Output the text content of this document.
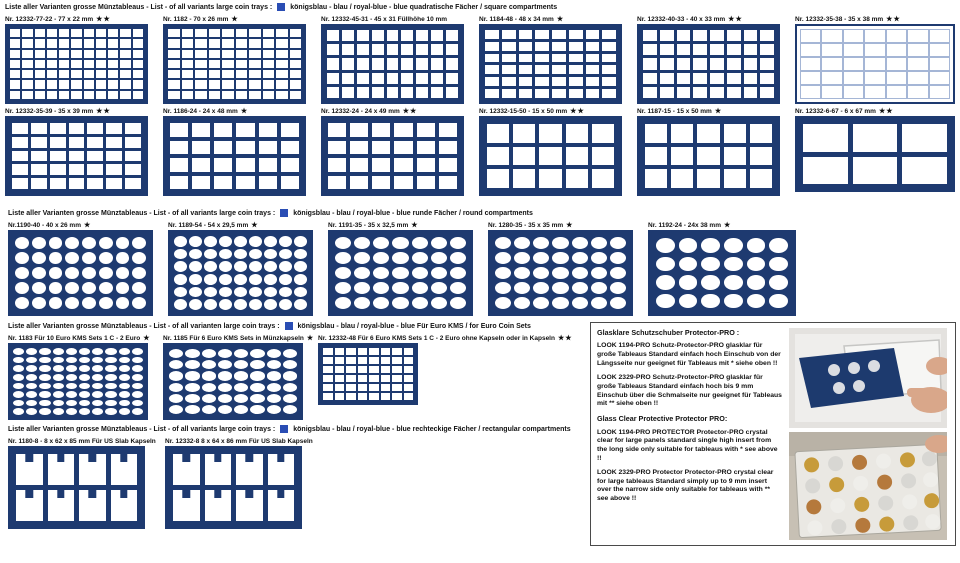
Liste aller Varianten grosse Münztableaus - List - of all variants large coin trays :	königsblau - blau / royal-blue - blue quadratische Fächer / square compartments
Nr. 12332-77-22 - 77 x 22 mm ★★	Nr. 1182 - 70 x 26 mm ★	Nr. 12332-45-31 - 45 x 31 Füllhöhe 10 mm	Nr. 1184-48 - 48 x 34 mm ★	Nr. 12332-40-33 - 40 x 33 mm ★★	Nr. 12332-35-38 - 35 x 38 mm ★★
Nr. 12332-35-39 - 35 x 39 mm ★★	Nr. 1186-24 - 24 x 48 mm ★	Nr. 12332-24 - 24 x 49 mm ★★	Nr. 12332-15-50 - 15 x 50 mm ★★	Nr. 1187-15 - 15 x 50 mm ★	Nr. 12332-6-67 - 6 x 67 mm ★★
Liste aller Varianten grosse Münztableaus - List - of all variants large coin trays :	königsblau - blau / royal-blue - blue runde Fächer / round compartments
Nr.1190-40 - 40 x 26 mm ★	Nr. 1189-54 - 54 x 29,5 mm ★	Nr. 1191-35 - 35 x 32,5 mm ★	Nr. 1280-35 - 35 x 35 mm ★	Nr. 1192-24 - 24x 38 mm ★
Liste aller Varianten grosse Münztableaus - List - of all varianten large coin trays :	königsblau - blau / royal-blue - blue Für Euro KMS / for Euro Coin Sets
Nr. 1183 Für 10 Euro KMS Sets 1 C - 2 Euro ★ Nr. 1185 Für 6 Euro KMS Sets in Münzkapseln ★ Nr. 12332-48 Für 6 Euro KMS Sets 1 C - 2 Euro ohne Kapseln oder in Kapseln ★★
Liste aller Varianten grosse Münztableaus - List - of all variants large coin trays :	königsblau - blau / royal-blue - blue rechteckige Fächer / rectangular compartments
Nr. 1180-8 - 8 x 62 x 85 mm Für US Slab Kapseln Nr. 12332-8 8 x 64 x 86 mm Für US Slab Kapseln
Glasklare Schutzschuber Protector-PRO :

LOOK 1194-PRO Schutz-Protector-PRO glasklar für große Tableaus Standard einfach hoch Einschub von der Längsseite nur geeignet für Tableaus mit * siehe oben !!

LOOK 2329-PRO Schutz-Protector-PRO glasklar für große Tableaus Standard einfach hoch bis 9 mm Einschub über die Schmalseite nur geeignet für Tableaus mit ** siehe oben !!

Glass Clear Protective Protector PRO:

LOOK 1194-PRO PROTECTOR Protector-PRO crystal clear for large panels standard single high insert from the long side only suitable for tableaus with * see above !!

LOOK 2329-PRO Protector Protector-PRO crystal clear for large tableaus Standard simply up to 9 mm insert over the narrow side only suitable for tableaus with ** see above !!
